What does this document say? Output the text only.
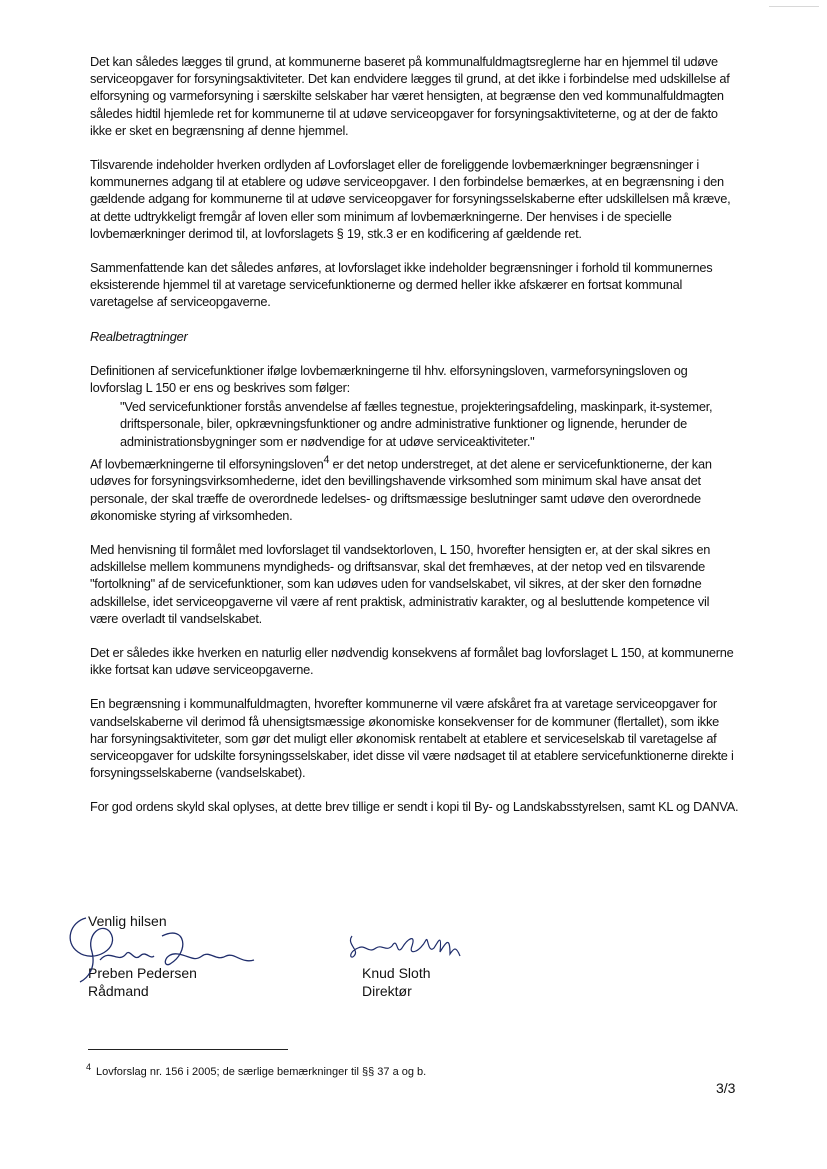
Det kan således lægges til grund, at kommunerne baseret på kommunalfuldmagtsreglerne har en hjemmel til udøve serviceopgaver for forsyningsaktiviteter. Det kan endvidere lægges til grund, at det ikke i forbindelse med udskillelse af elforsyning og varmeforsyning i særskilte selskaber har været hensigten, at begrænse den ved kommunalfuldmagten således hidtil hjemlede ret for kommunerne til at udøve serviceopgaver for forsyningsaktiviteterne, og at der de fakto ikke er sket en begrænsning af denne hjemmel.

Tilsvarende indeholder hverken ordlyden af Lovforslaget eller de foreliggende lovbemærkninger begrænsninger i kommunernes adgang til at etablere og udøve serviceopgaver. I den forbindelse bemærkes, at en begrænsning i den gældende adgang for kommunerne til at udøve serviceopgaver for forsyningsselskaberne efter udskillelsen må kræve, at dette udtrykkeligt fremgår af loven eller som minimum af lovbemærkningerne. Der henvises i de specielle lovbemærkninger derimod til, at lovforslagets § 19, stk.3 er en kodificering af gældende ret.

Sammenfattende kan det således anføres, at lovforslaget ikke indeholder begrænsninger i forhold til kommunernes eksisterende hjemmel til at varetage servicefunktionerne og dermed heller ikke afskærer en fortsat kommunal varetagelse af serviceopgaverne.

Realbetragtninger

Definitionen af servicefunktioner ifølge lovbemærkningerne til hhv. elforsyningsloven, varmeforsyningsloven og lovforslag L 150 er ens og beskrives som følger:

"Ved servicefunktioner forstås anvendelse af fælles tegnestue, projekteringsafdeling, maskinpark, it-systemer, driftspersonale, biler, opkrævningsfunktioner og andre administrative funktioner og lignende, herunder de administrationsbygninger som er nødvendige for at udøve serviceaktiviteter."

Af lovbemærkningerne til elforsyningsloven$^4$ er det netop understreget, at det alene er servicefunktionerne, der kan udøves for forsyningsvirksomhederne, idet den bevillingshavende virksomhed som minimum skal have ansat det personale, der skal træffe de overordnede ledelses- og driftsmæssige beslutninger samt udøve den overordnede økonomiske styring af virksomheden.

Med henvisning til formålet med lovforslaget til vandsektorloven, L 150, hvorefter hensigten er, at der skal sikres en adskillelse mellem kommunens myndigheds- og driftsansvar, skal det fremhæves, at der netop ved en tilsvarende "fortolkning" af de servicefunktioner, som kan udøves uden for vandselskabet, vil sikres, at der sker den fornødne adskillelse, idet serviceopgaverne vil være af rent praktisk, administrativ karakter, og al besluttende kompetence vil være overladt til vandselskabet.

Det er således ikke hverken en naturlig eller nødvendig konsekvens af formålet bag lovforslaget L 150, at kommunerne ikke fortsat kan udøve serviceopgaverne.

En begrænsning i kommunalfuldmagten, hvorefter kommunerne vil være afskåret fra at varetage serviceopgaver for vandselskaberne vil derimod få uhensigtsmæssige økonomiske konsekvenser for de kommuner (flertallet), som ikke har forsyningsaktiviteter, som gør det muligt eller økonomisk rentabelt at etablere et serviceselskab til varetagelse af serviceopgaver for udskilte forsyningsselskaber, idet disse vil være nødsaget til at etablere servicefunktionerne direkte i forsyningsselskaberne (vandselskabet).

For god ordens skyld skal oplyses, at dette brev tillige er sendt i kopi til By- og Landskabsstyrelsen, samt KL og DANVA.

Venlig hilsen
Preben Pedersen
Rådmand
Knud Sloth
Direktør
$^4$ Lovforslag nr. 156 i 2005; de særlige bemærkninger til §§ 37 a og b.
3/3
